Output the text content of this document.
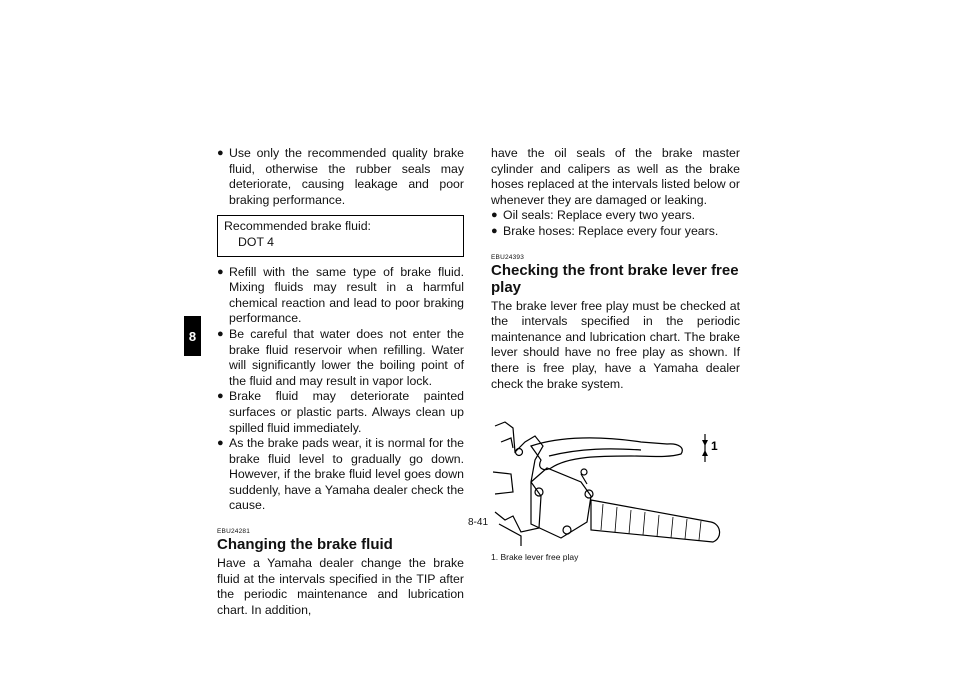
8

● Use only the recommended quality brake fluid, otherwise the rubber seals may deteriorate, causing leakage and poor braking performance.

Recommended brake fluid:
DOT 4

● Refill with the same type of brake fluid. Mixing fluids may result in a harmful chemical reaction and lead to poor braking performance.

● Be careful that water does not enter the brake fluid reservoir when refilling. Water will significantly lower the boiling point of the fluid and may result in vapor lock.

● Brake fluid may deteriorate painted surfaces or plastic parts. Always clean up spilled fluid immediately.

● As the brake pads wear, it is normal for the brake fluid level to gradually go down. However, if the brake fluid level goes down suddenly, have a Yamaha dealer check the cause.

EBU24281
Changing the brake fluid

Have a Yamaha dealer change the brake fluid at the intervals specified in the TIP after the periodic maintenance and lubrication chart. In addition,

have the oil seals of the brake master cylinder and calipers as well as the brake hoses replaced at the intervals listed below or whenever they are damaged or leaking.

● Oil seals: Replace every two years.

● Brake hoses: Replace every four years.

EBU24393
Checking the front brake lever free play

The brake lever free play must be checked at the intervals specified in the periodic maintenance and lubrication chart. The brake lever should have no free play as shown. If there is free play, have a Yamaha dealer check the brake system.

1
1. Brake lever free play
8-41
